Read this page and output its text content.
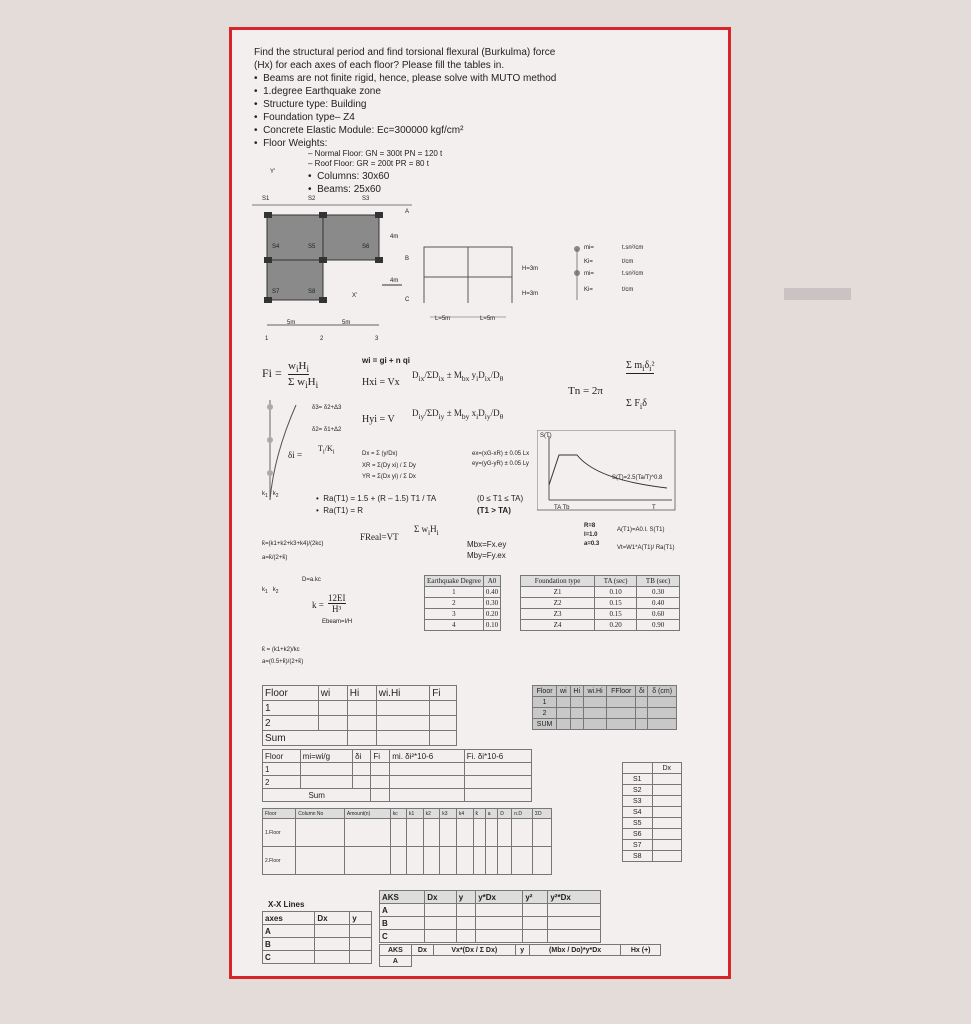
Find the structural period and find torsional flexural (Burkulma) force
(Hx) for each axes of each floor? Please fill the tables in.
•  Beams are not finite rigid, hence, please solve with MUTO method
•  1.degree Earthquake zone
•  Structure type: Building
•  Foundation type– Z4
•  Concrete Elastic Module: Ec=300000 kgf/cm²
•  Floor Weights:
– Normal Floor: GN = 300t PN = 120 t
– Roof Floor: GR = 200t PR = 80 t
•  Columns: 30x60
•  Beams: 25x60
Y'
S1	S2	S3
S4	S5	S6
S7	S8
A
B
C
4m
4m
X'
5m	5m
1	2	3
H=3m
H=3m
L=5m	L=5m
mi=	t.sn²/cm
Ki=	t/cm
mi=	t.sn²/cm
Ki=	t/cm
wi = gi + n qi
$Fi = w_iH_i$
Σ $w_iH_i$	Hxi = Vx
$D_{ix}/\Sigma D_{ix} \pm M_{bx}$ $y_iD_{ix}/D_\theta$
Hyi = V
$D_{iy}/\Sigma D_{iy} \pm M_{by}$ $x_iD_{iy}/D_\theta$
Tn = 2π
Σ $m_i\delta_i^2$
Σ $F_i\delta$
δ3= δ2+Δ3
δ2= δ1+Δ2
δi =
$T_i/K_i$	Dx = Σ (y/Dx)
XR = Σ(Dy xi) / Σ Dy
YR = Σ(Dx yi) / Σ Dx
ex=(xG-xR) ± 0.05 Lx
ey=(yG-yR) ± 0.05 Ly
S(T)
S(T)=2.5(Ta/T)^0.8
TA Tb	T
•  Ra(T1) = 1.5 + (R – 1.5) T1 / TA
•  Ra(T1) = R
(0 ≤ T1 ≤ TA)
(T1 > TA)
$k_1$   $k_2$
k̄=(k1+k2+k3+k4)/(2kc)
a=k̄/(2+k̄)
FReal=VT
Σ $w_iH_i$
Mbx=Fx.ey
Mby=Fy.ex
R=8
I=1.0
a=0.3
A(T1)=A0.I. S(T1)
Vt=W1*A(T1)/ Ra(T1)
D=a.kc
$k_1$   $k_2$
k =
12EI
H³
Ebeam=I/H
k̄ = (k1+k2)/kc
a=(0.5+k̄)/(2+k̄)
Earthquake Degree	A0
1	0.40
2	0.30
3	0.20
4	0.10
Foundation type	TA (sec)	TB (sec)
Z1	0.10	0.30
Z2	0.15	0.40
Z3	0.15	0.60
Z4	0.20	0.90
Floor	wi	Hi	wi.Hi	Fi
1				
2				
Sum				
Floor	wi	Hi	wi.Hi	FFloor	δi	δ (cm)
1						
2						
SUM						
Floor	mi=wi/g	δi	Fi	mi. δi²*10-6	Fi. δi*10-6
1					
2					
Sum					
	Dx
S1	
S2	
S3	
S4	
S5	
S6	
S7	
S8	
Floor	Column No	Amount(n)	kc	k1	k2	k3	k4	k̄	a	D	n.D	ΣD
1.Floor												
2.Floor												
AKS	Dx	y	y*Dx	y²	y²*Dx
A					
B					
C					
X-X Lines
axes	Dx	y
A		
B		
C		
AKS	Dx	Vx*(Dx / Σ Dx)	y	(Mbx / Do)*y*Dx	Hx (+)
A					
